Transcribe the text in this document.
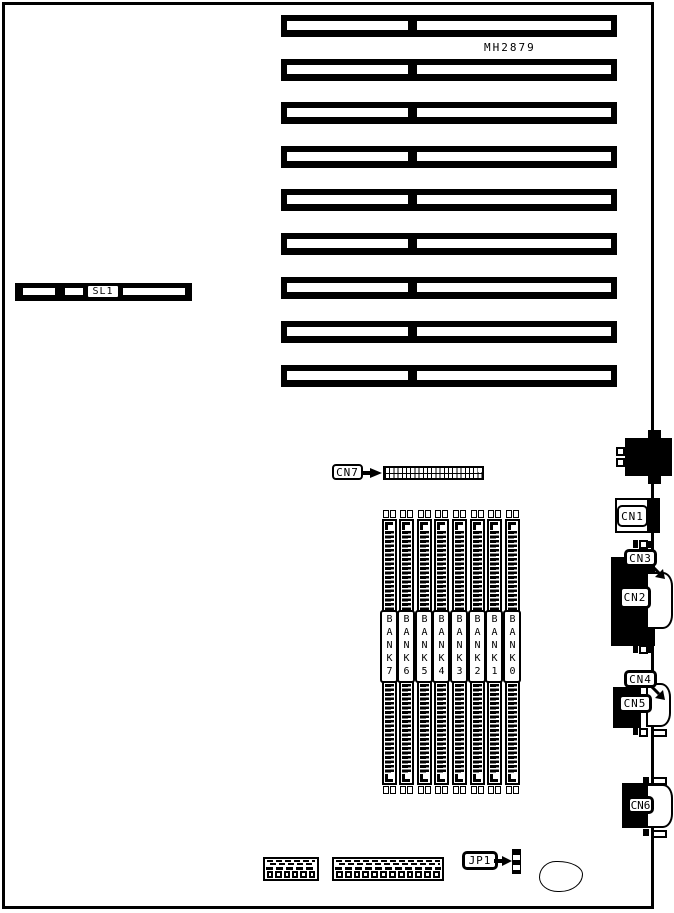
MH2879
SL1
CN7
BANK7 BANK6 BANK5 BANK4 BANK3 BANK2 BANK1 BANK0
CN1
CN3
CN2
CN4
CN5
CN6
JP1
